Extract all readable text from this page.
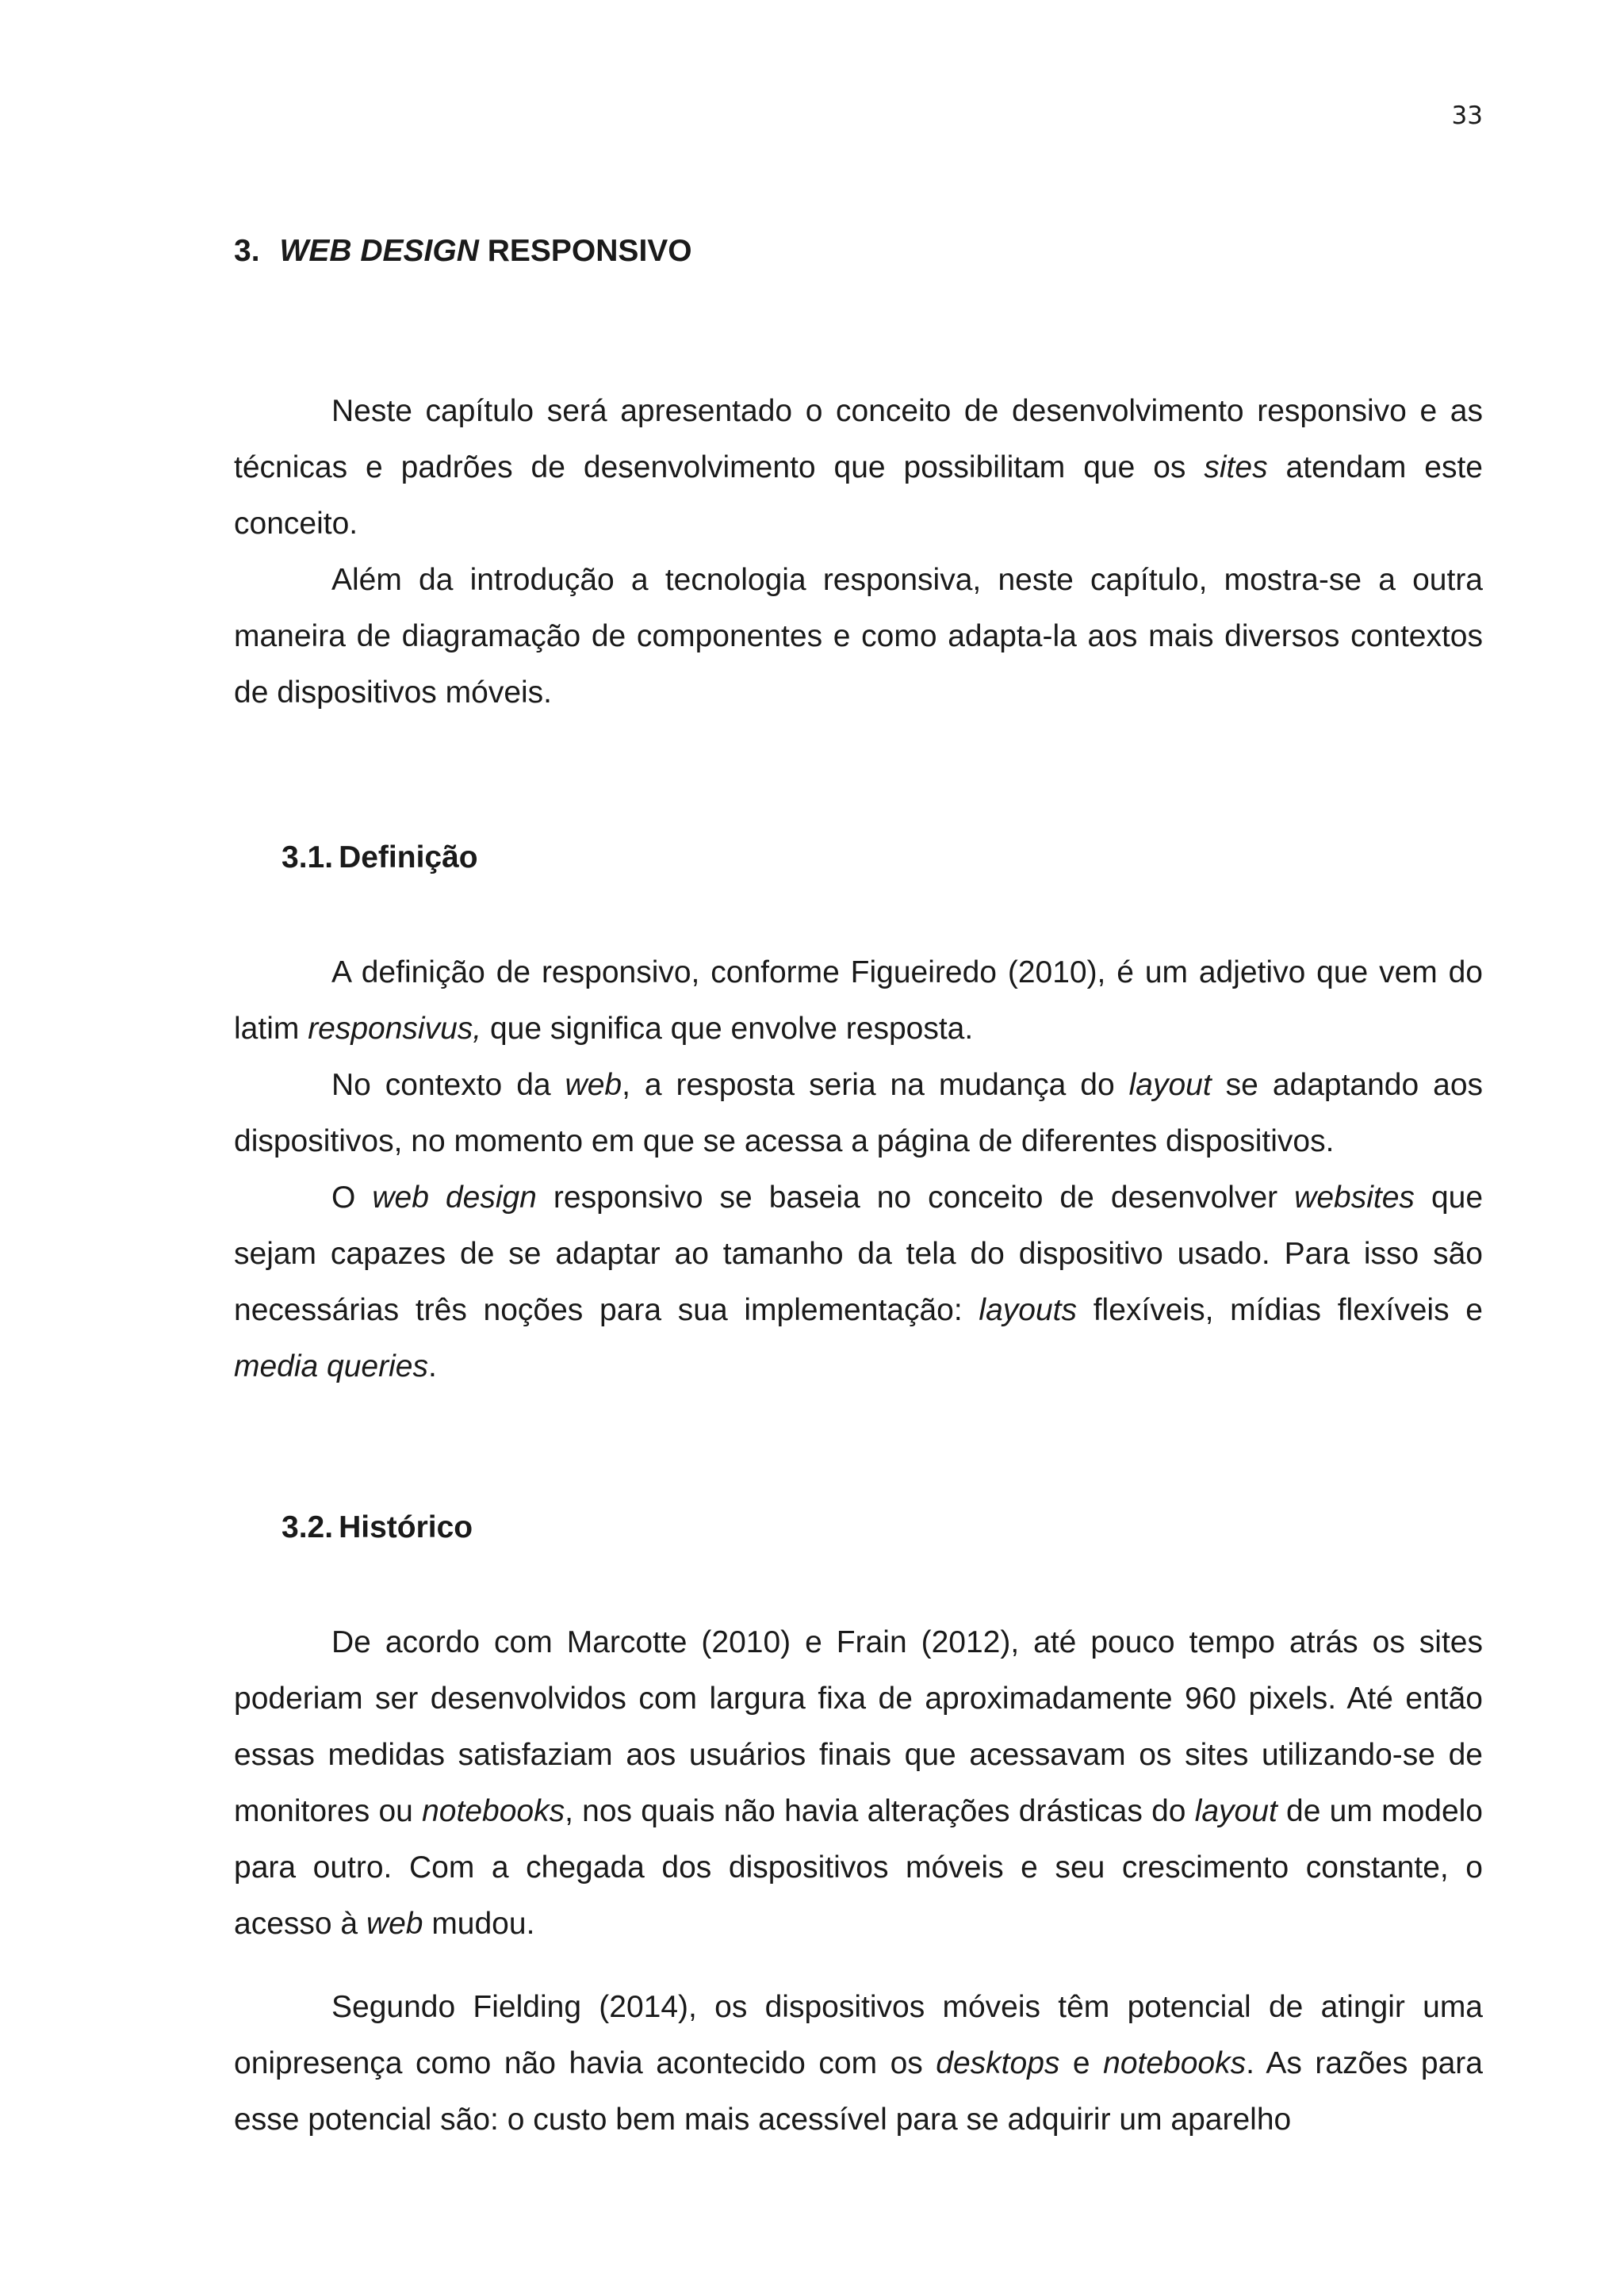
33
3. WEB DESIGN RESPONSIVO

Neste capítulo será apresentado o conceito de desenvolvimento responsivo e as técnicas e padrões de desenvolvimento que possibilitam que os sites atendam este conceito.

Além da introdução a tecnologia responsiva, neste capítulo, mostra-se a outra maneira de diagramação de componentes e como adapta-la aos mais diversos contextos de dispositivos móveis.

3.1. Definição

A definição de responsivo, conforme Figueiredo (2010), é um adjetivo que vem do latim responsivus, que significa que envolve resposta.

No contexto da web, a resposta seria na mudança do layout se adaptando aos dispositivos, no momento em que se acessa a página de diferentes dispositivos.

O web design responsivo se baseia no conceito de desenvolver websites que sejam capazes de se adaptar ao tamanho da tela do dispositivo usado. Para isso são necessárias três noções para sua implementação: layouts flexíveis, mídias flexíveis e media queries.

3.2. Histórico

De acordo com Marcotte (2010) e Frain (2012), até pouco tempo atrás os sites poderiam ser desenvolvidos com largura fixa de aproximadamente 960 pixels. Até então essas medidas satisfaziam aos usuários finais que acessavam os sites utilizando-se de monitores ou notebooks, nos quais não havia alterações drásticas do layout de um modelo para outro. Com a chegada dos dispositivos móveis e seu crescimento constante, o acesso à web mudou.

Segundo Fielding (2014), os dispositivos móveis têm potencial de atingir uma onipresença como não havia acontecido com os desktops e notebooks. As razões para esse potencial são: o custo bem mais acessível para se adquirir um aparelho
